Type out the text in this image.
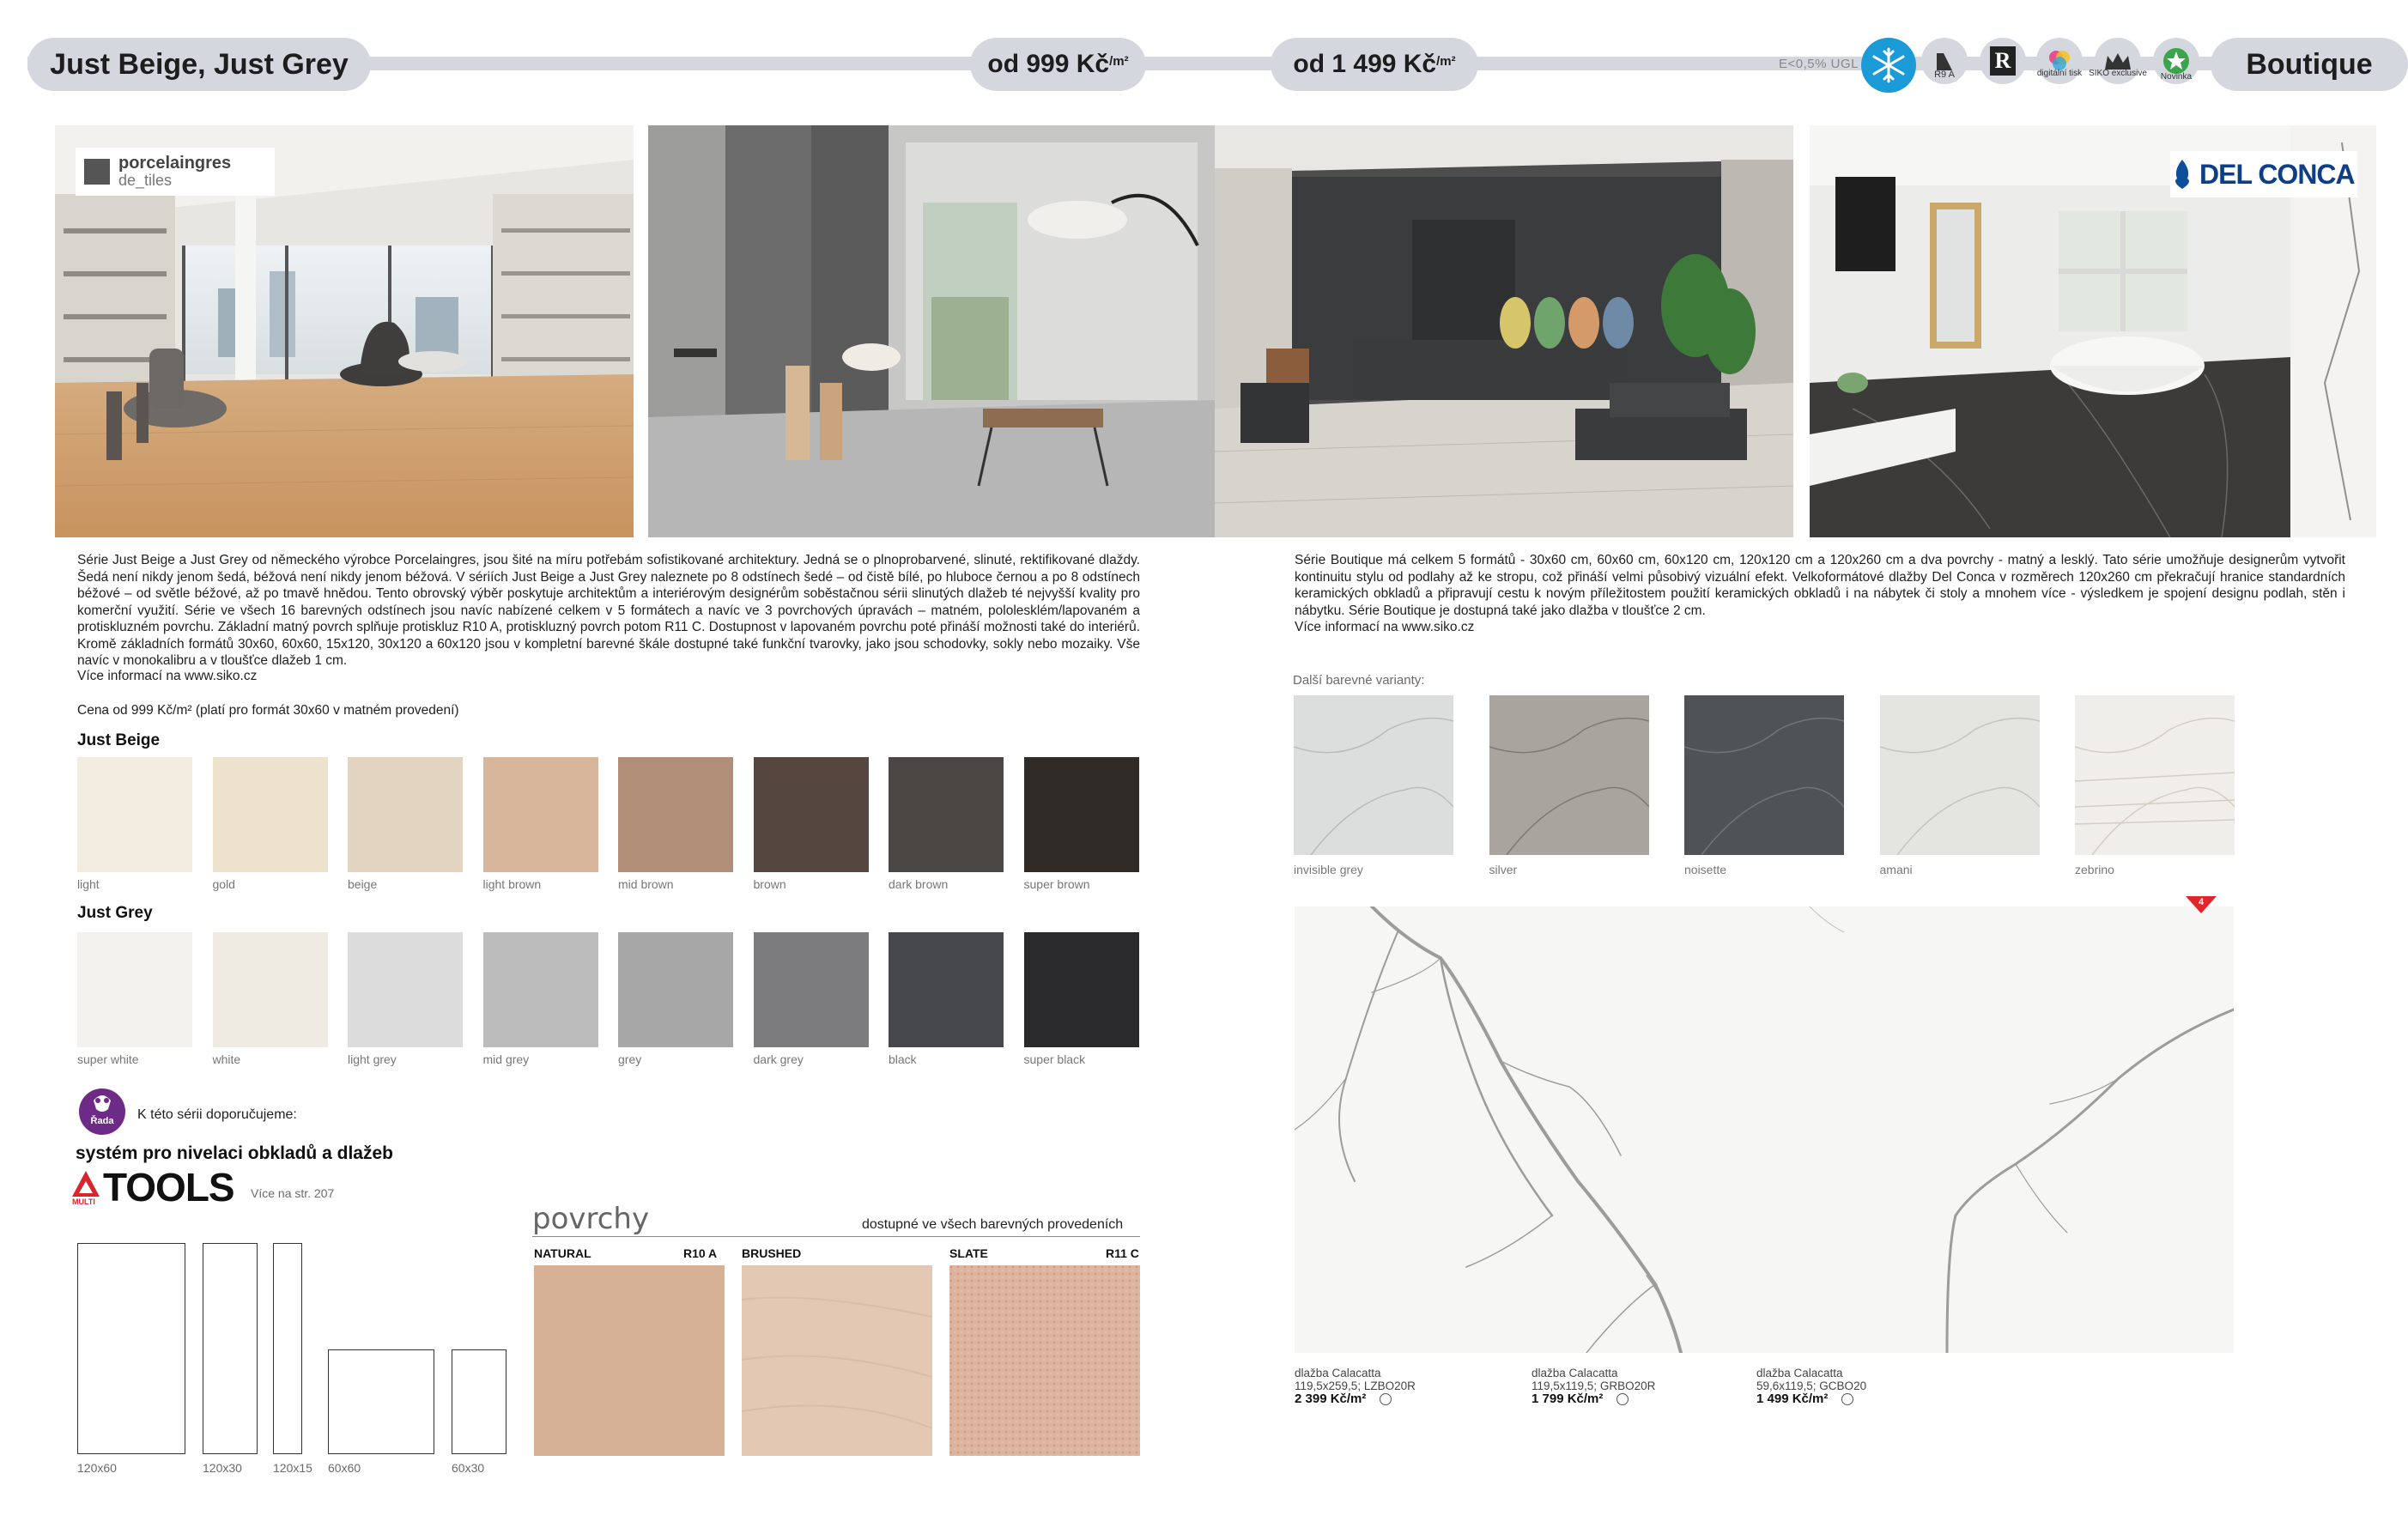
Just Beige, Just Grey	od 999 $Kč^{/m^2}$	od 1 499 $Kč^{/m^2}$	E<0,5% UGL
R9 A
R
digitální tisk SIKO exclusive	Novinka	Boutique
porcelaingres
de_tiles	DEL CONCA
Série Just Beige a Just Grey od německého výrobce Porcelaingres, jsou šité na míru potřebám sofistikované architektury. Jedná se o plnoprobarvené, slinuté, rektifikované dlaždy. Šedá není nikdy jenom šedá, béžová není nikdy jenom béžová. V sériích Just Beige a Just Grey naleznete po 8 odstínech šedé – od čistě bílé, po hluboce černou a po 8 odstínech béžové – od světle béžové, až po tmavě hnědou. Tento obrovský výběr poskytuje architektům a interiérovým designérům soběstačnou sérii slinutých dlažeb té nejvyšší kvality pro komerční využití. Série ve všech 16 barevných odstínech jsou navíc nabízené celkem v 5 formátech a navíc ve 3 povrchových úpravách – matném, pololesklém/lapovaném a protiskluzném povrchu. Základní matný povrch splňuje protiskluz R10 A, protiskluzný povrch potom R11 C. Dostupnost v lapovaném povrchu poté přináší možnosti také do interiérů. Kromě základních formátů 30x60, 60x60, 15x120, 30x120 a 60x120 jsou v kompletní barevné škále dostupné také funkční tvarovky, jako jsou schodovky, sokly nebo mozaiky. Vše navíc v monokalibru a v tloušťce dlažeb 1 cm.
Více informací na www.siko.cz
Cena od 999 Kč/m² (platí pro formát 30x60 v matném provedení)
Just Beige
light	gold	beige	light brown	mid brown	brown	dark brown	super brown
Just Grey
super white	white	light grey	mid grey	grey	dark grey	black	super black
Řada	K této sérii doporučujeme:
systém pro nivelaci obkladů a dlažeb
MULTI TOOLS Více na str. 207
120x60	120x30	120x15 60x60	60x30
povrchy	dostupné ve všech barevných provedeních
NATURAL	R10 A BRUSHED	SLATE	R11 C
Série Boutique má celkem 5 formátů - 30x60 cm, 60x60 cm, 60x120 cm, 120x120 cm a 120x260 cm a dva povrchy - matný a lesklý. Tato série umožňuje designerům vytvořit kontinuitu stylu od podlahy až ke stropu, což přináší velmi působivý vizuální efekt. Velkoformátové dlažby Del Conca v rozměrech 120x260 cm překračují hranice standardních keramických obkladů a připravují cestu k novým příležitostem použití keramických obkladů i na nábytek či stoly a mnohem více - výsledkem je spojení designu podlah, stěn i nábytku. Série Boutique je dostupná také jako dlažba v tloušťce 2 cm.
Více informací na www.siko.cz
Další barevné varianty:
invisible grey	silver	noisette	amani	zebrino
4
dlažba Calacatta
119,5x259,5; LZBO20R
2 399 Kč/m²
dlažba Calacatta
119,5x119,5; GRBO20R
1 799 Kč/m²
dlažba Calacatta
59,6x119,5; GCBO20
1 499 Kč/m²
